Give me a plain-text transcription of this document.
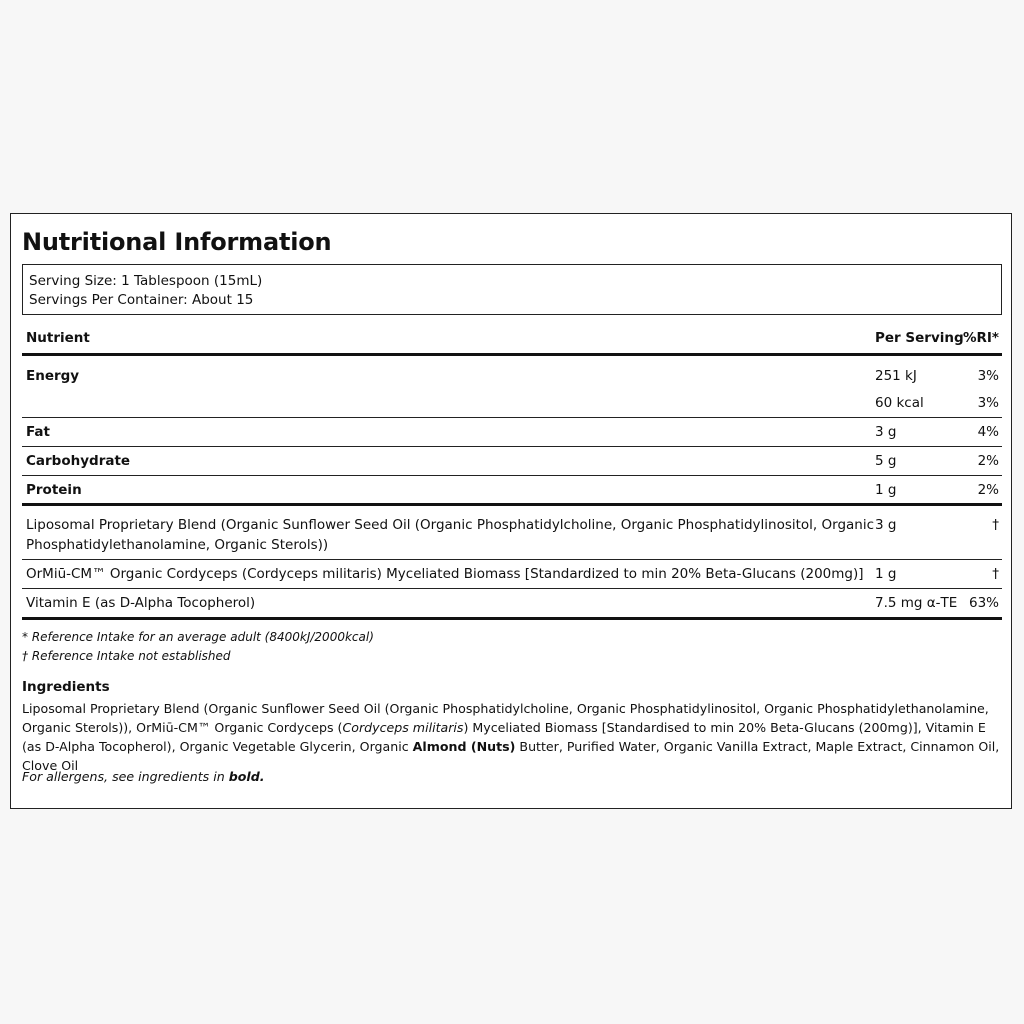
Nutritional Information
Serving Size: 1 Tablespoon (15mL)
Servings Per Container: About 15
Nutrient	Per Serving %RI*
Energy	251 kJ	3%
60 kcal	3%
Fat	3 g	4%
Carbohydrate	5 g	2%
Protein	1 g	2%
Liposomal Proprietary Blend (Organic Sunflower Seed Oil (Organic Phosphatidylcholine, Organic Phosphatidylinositol, Organic
Phosphatidylethanolamine, Organic Sterols))
3 g	†
OrMiū-CM™ Organic Cordyceps (Cordyceps militaris) Myceliated Biomass [Standardized to min 20% Beta-Glucans (200mg)] 1 g	†
Vitamin E (as D-Alpha Tocopherol)	7.5 mg α-TE 63%
* Reference Intake for an average adult (8400kJ/2000kcal)
† Reference Intake not established
Ingredients
Liposomal Proprietary Blend (Organic Sunflower Seed Oil (Organic Phosphatidylcholine, Organic Phosphatidylinositol, Organic Phosphatidylethanolamine, Organic Sterols)), OrMiū-CM™ Organic Cordyceps (Cordyceps militaris) Myceliated Biomass [Standardised to min 20% Beta-Glucans (200mg)], Vitamin E (as D-Alpha Tocopherol), Organic Vegetable Glycerin, Organic Almond (Nuts) Butter, Purified Water, Organic Vanilla Extract, Maple Extract, Cinnamon Oil, Clove Oil
For allergens, see ingredients in bold.
